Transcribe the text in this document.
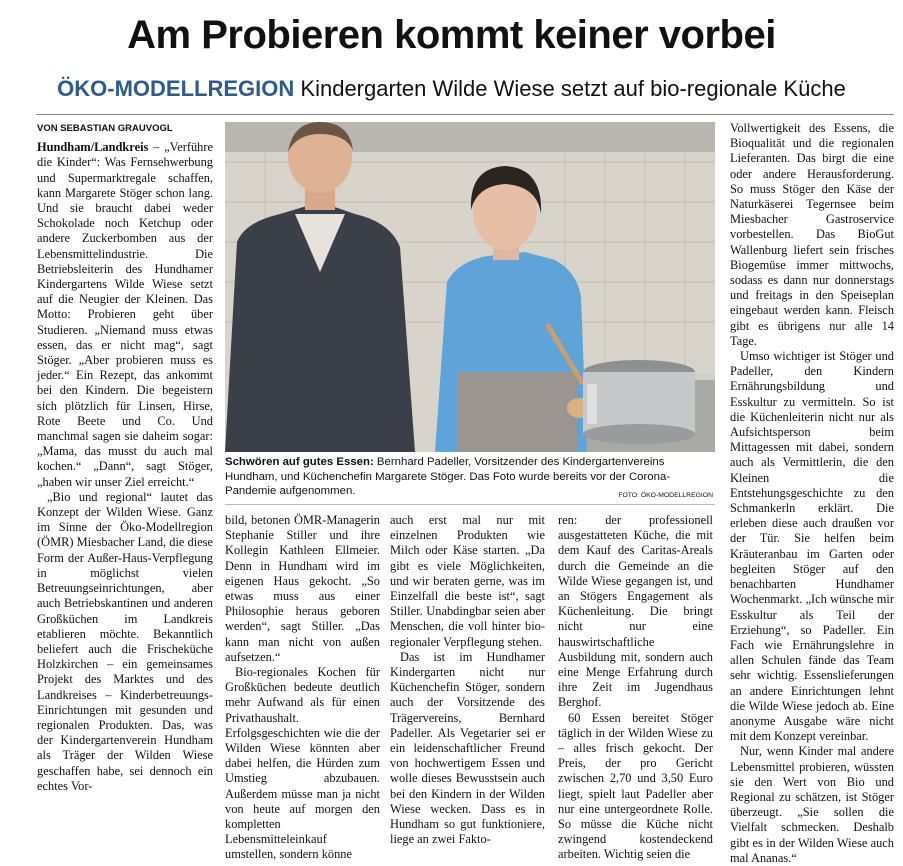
Am Probieren kommt keiner vorbei
ÖKO-MODELLREGION Kindergarten Wilde Wiese setzt auf bio-regionale Küche

VON SEBASTIAN GRAUVOGL

Hundham/Landkreis – „Verführe die Kinder“: Was Fernsehwerbung und Supermarktregale schaffen, kann Margarete Stöger schon lang. Und sie braucht dabei weder Schokolade noch Ketchup oder andere Zuckerbomben aus der Lebensmittelindustrie. Die Betriebsleiterin des Hundhamer Kindergartens Wilde Wiese setzt auf die Neugier der Kleinen. Das Motto: Probieren geht über Studieren. „Niemand muss etwas essen, das er nicht mag“, sagt Stöger. „Aber probieren muss es jeder.“ Ein Rezept, das ankommt bei den Kindern. Die begeistern sich plötzlich für Linsen, Hirse, Rote Beete und Co. Und manchmal sagen sie daheim sogar: „Mama, das musst du auch mal kochen.“ „Dann“, sagt Stöger, „haben wir unser Ziel erreicht.“

„Bio und regional“ lautet das Konzept der Wilden Wiese. Ganz im Sinne der Öko-Modellregion (ÖMR) Miesbacher Land, die diese Form der Außer-Haus-Verpflegung in möglichst vielen Betreuungseinrichtungen, aber auch Betriebskantinen und anderen Großküchen im Landkreis etablieren möchte. Bekanntlich beliefert auch die Frischeküche Holzkirchen – ein gemeinsames Projekt des Marktes und des Landkreises – Kinderbetreuungs-Einrichtungen mit gesunden und regionalen Produkten. Das, was der Kindergartenverein Hundham als Träger der Wilden Wiese geschaffen habe, sei dennoch ein echtes Vor-

Schwören auf gutes Essen: Bernhard Padeller, Vorsitzender des Kindergartenvereins Hundham, und Küchenchefin Margarete Stöger. Das Foto wurde bereits vor der Corona-Pandemie aufgenommen.	FOTO: ÖKO-MODELLREGION

bild, betonen ÖMR-Managerin Stephanie Stiller und ihre Kollegin Kathleen Ellmeier. Denn in Hundham wird im eigenen Haus gekocht. „So etwas muss aus einer Philosophie heraus geboren werden“, sagt Stiller. „Das kann man nicht von außen aufsetzen.“

Bio-regionales Kochen für Großküchen bedeute deutlich mehr Aufwand als für einen Privathaushalt. Erfolgsgeschichten wie die der Wilden Wiese könnten aber dabei helfen, die Hürden zum Umstieg abzubauen. Außerdem müsse man ja nicht von heute auf morgen den kompletten Lebensmitteleinkauf umstellen, sondern könne

auch erst mal nur mit einzelnen Produkten wie Milch oder Käse starten. „Da gibt es viele Möglichkeiten, und wir beraten gerne, was im Einzelfall die beste ist“, sagt Stiller. Unabdingbar seien aber Menschen, die voll hinter bio-regionaler Verpflegung stehen.

Das ist im Hundhamer Kindergarten nicht nur Küchenchefin Stöger, sondern auch der Vorsitzende des Trägervereins, Bernhard Padeller. Als Vegetarier sei er ein leidenschaftlicher Freund von hochwertigem Essen und wolle dieses Bewusstsein auch bei den Kindern in der Wilden Wiese wecken. Dass es in Hundham so gut funktioniere, liege an zwei Fakto-

ren: der professionell ausgestatteten Küche, die mit dem Kauf des Caritas-Areals durch die Gemeinde an die Wilde Wiese gegangen ist, und an Stögers Engagement als Küchenleitung. Die bringt nicht nur eine hauswirtschaftliche Ausbildung mit, sondern auch eine Menge Erfahrung durch ihre Zeit im Jugendhaus Berghof.

60 Essen bereitet Stöger täglich in der Wilden Wiese zu – alles frisch gekocht. Der Preis, der pro Gericht zwischen 2,70 und 3,50 Euro liegt, spielt laut Padeller aber nur eine untergeordnete Rolle. So müsse die Küche nicht zwingend kostendeckend arbeiten. Wichtig seien die

Vollwertigkeit des Essens, die Bioqualität und die regionalen Lieferanten. Das birgt die eine oder andere Herausforderung. So muss Stöger den Käse der Naturkäserei Tegernsee beim Miesbacher Gastroservice vorbestellen. Das BioGut Wallenburg liefert sein frisches Biogemüse immer mittwochs, sodass es dann nur donnerstags und freitags in den Speiseplan eingebaut werden kann. Fleisch gibt es übrigens nur alle 14 Tage.

Umso wichtiger ist Stöger und Padeller, den Kindern Ernährungsbildung und Esskultur zu vermitteln. So ist die Küchenleiterin nicht nur als Aufsichtsperson beim Mittagessen mit dabei, sondern auch als Vermittlerin, die den Kleinen die Entstehungsgeschichte zu den Schmankerln erklärt. Die erleben diese auch draußen vor der Tür. Sie helfen beim Kräuteranbau im Garten oder begleiten Stöger auf den benachbarten Hundhamer Wochenmarkt. „Ich wünsche mir Esskultur als Teil der Erziehung“, so Padeller. Ein Fach wie Ernährungslehre in allen Schulen fände das Team sehr wichtig. Essenslieferungen an andere Einrichtungen lehnt die Wilde Wiese jedoch ab. Eine anonyme Ausgabe wäre nicht mit dem Konzept vereinbar.

Nur, wenn Kinder mal andere Lebensmittel probieren, wüssten sie den Wert von Bio und Regional zu schätzen, ist Stöger überzeugt. „Sie sollen die Vielfalt schmecken. Deshalb gibt es in der Wilden Wiese auch mal Ananas.“
